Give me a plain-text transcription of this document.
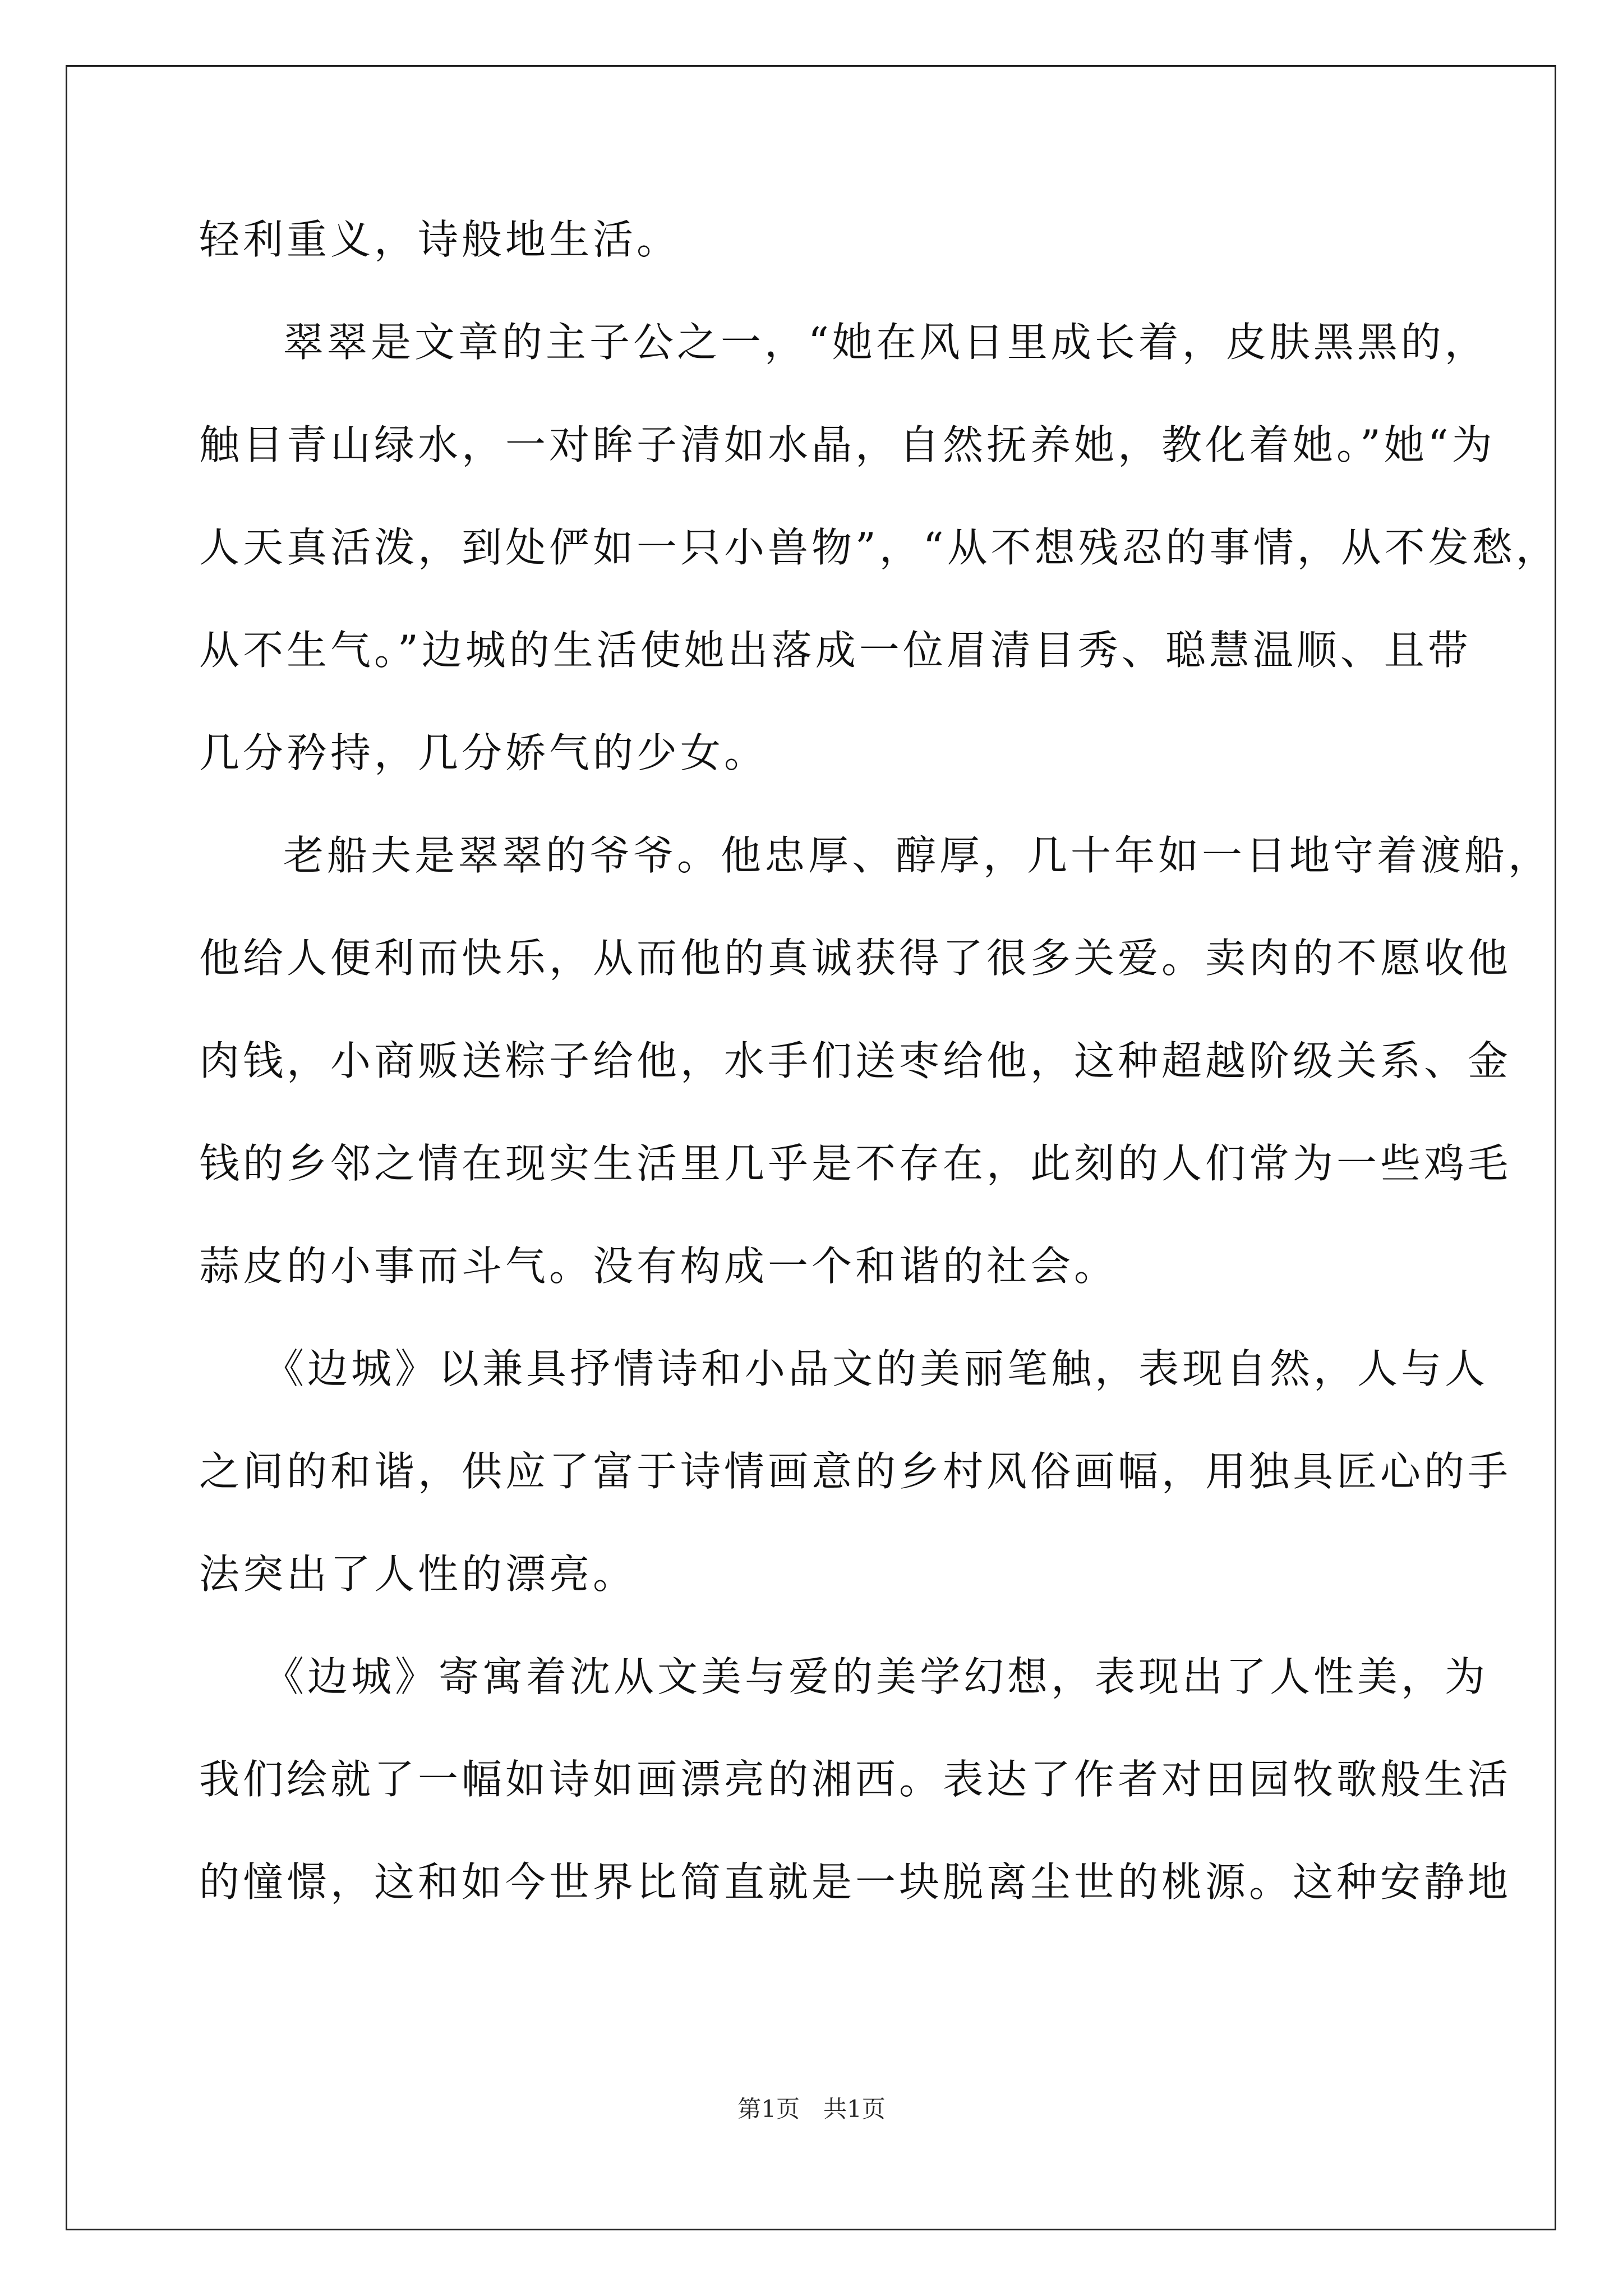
轻利重义，诗般地生活。
翠翠是文章的主子公之一，“她在风日里成长着，皮肤黑黑的，
触目青山绿水，一对眸子清如水晶，自然抚养她，教化着她。”她“为
人天真活泼，到处俨如一只小兽物”，“从不想残忍的事情，从不发愁，
从不生气。”边城的生活使她出落成一位眉清目秀、聪慧温顺、且带
几分矜持，几分娇气的少女。
老船夫是翠翠的爷爷。他忠厚、醇厚，几十年如一日地守着渡船，
他给人便利而快乐，从而他的真诚获得了很多关爱。卖肉的不愿收他
肉钱，小商贩送粽子给他，水手们送枣给他，这种超越阶级关系、金
钱的乡邻之情在现实生活里几乎是不存在，此刻的人们常为一些鸡毛
蒜皮的小事而斗气。没有构成一个和谐的社会。
《边城》以兼具抒情诗和小品文的美丽笔触，表现自然，人与人
之间的和谐，供应了富于诗情画意的乡村风俗画幅，用独具匠心的手
法突出了人性的漂亮。
《边城》寄寓着沈从文美与爱的美学幻想，表现出了人性美，为
我们绘就了一幅如诗如画漂亮的湘西。表达了作者对田园牧歌般生活
的憧憬，这和如今世界比简直就是一块脱离尘世的桃源。这种安静地
第1页　共1页
